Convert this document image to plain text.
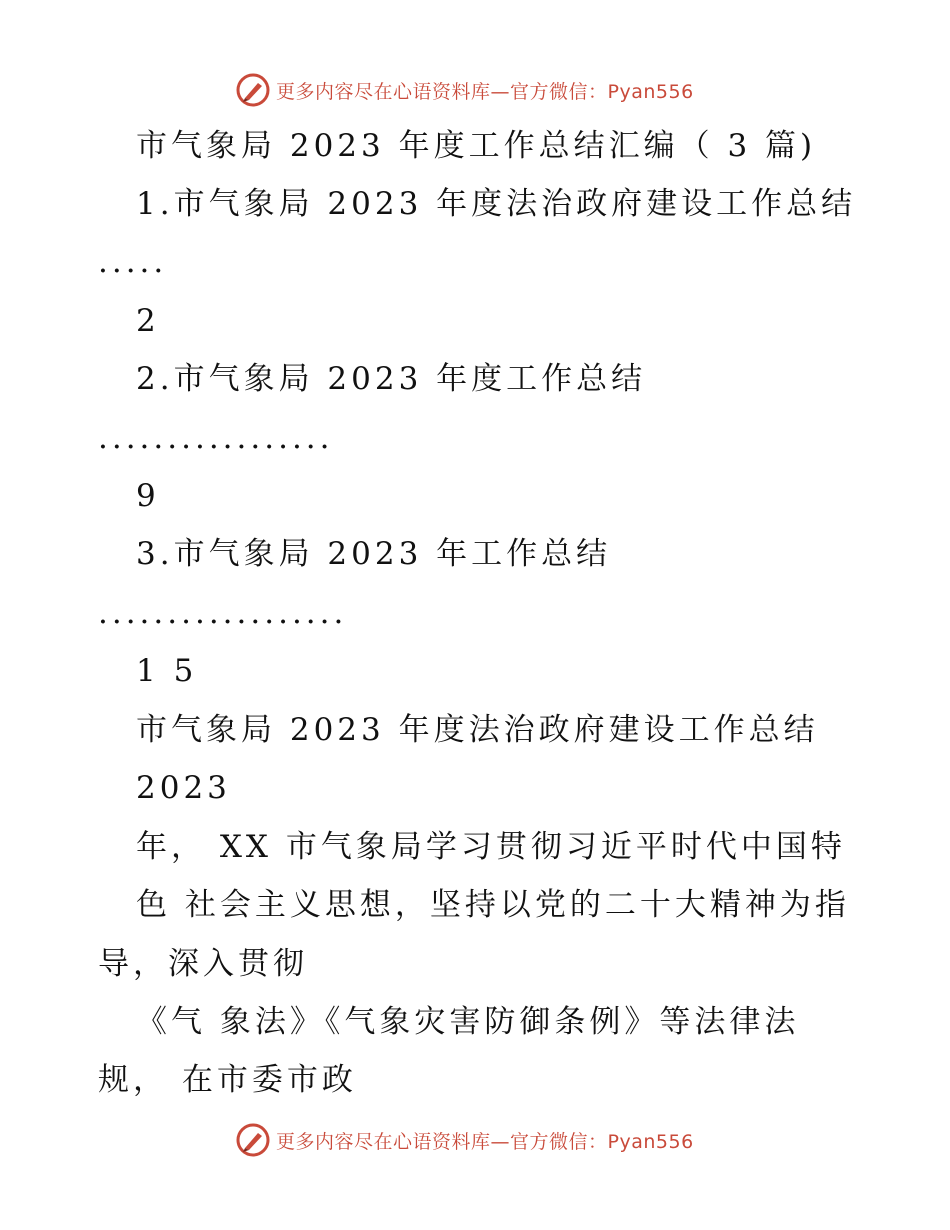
更多内容尽在心语资料库—官方微信：Pyan556
市气象局 2023 年度工作总结汇编（ 3 篇)
1.市气象局 2023 年度法治政府建设工作总结
.....
2
2.市气象局 2023 年度工作总结
.................
9
3.市气象局 2023 年工作总结
..................
1 5
市气象局 2023 年度法治政府建设工作总结
2023
年， XX 市气象局学习贯彻习近平时代中国特
色 社会主义思想，坚持以党的二十大精神为指
导，深入贯彻
《气 象法》《气象灾害防御条例》等法律法
规， 在市委市政
更多内容尽在心语资料库—官方微信：Pyan556
